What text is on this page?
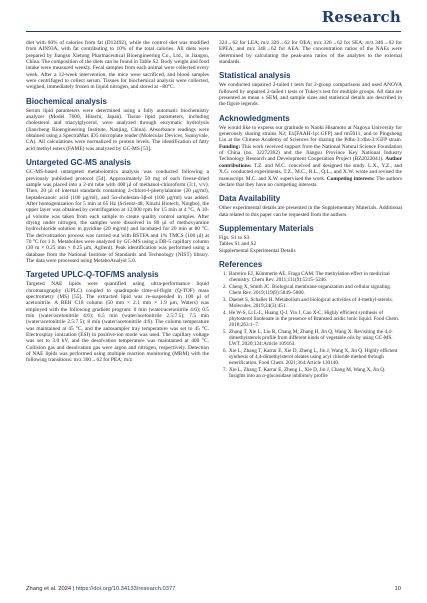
Research

diet with 60% of calories from fat (D12492), while the control diet was modified from AIN93A, with fat contributing to 10% of the total calories. All diets were prepared by Jiangsu Xietong Pharmaceutical Bioengineering Co., Ltd., in Jiangsu, China. The composition of the diets can be found in Table S2. Body weight and food intake were measured weekly. Fecal samples from each animal were collected every week. After a 12-week intervention, the mice were sacrificed, and blood samples were centrifuged to collect serum. Tissues for biochemical analysis were collected, weighed, immediately frozen in liquid nitrogen, and stored at −80°C.

Biochemical analysis

Serum lipid parameters were determined using a fully automatic biochemistry analyzer (Model 7600, Hitachi, Japan). Tissue lipid parameters, including cholesterol and triacylglycerol, were analyzed through enzymatic hydrolysis (Jiancheng Bioengineering Institute, Nanjing, China). Absorbance readings were obtained using a SpectraMax iD5 microplate reader (Molecular Devices, Sunnyvale, CA). All calculations were normalized to protein levels. The identification of fatty acid methyl esters (FAME) was analyzed by GC-MS [53].

Untargeted GC-MS analysis

GC-MS-based untargeted metabolomics analysis was conducted following a previously published protocol [54]. Approximately 50 mg of each freeze-dried sample was placed into a 2-ml tube with 400 μl of methanol-chloroform (3:1, v/v). Then, 20 μl of internal standards containing 2-chloro-l-phenylalanine (20 μg/ml), heptadecanoic acid (100 μg/ml), and 5α-cholestan-3β-ol (100 μg/ml) was added. After homogenization for 5 min at 65 Hz (Scientz-48, Xinzhi Biotech, Ningbo), the upper layer was obtained by centrifugation at 12,000 rpm for 15 min at 4 °C. A 10-μl volume was taken from each sample to create quality control samples. After drying under nitrogen, the samples were dissolved in 80 μl of methoxyamine hydrochloride solution in pyridine (20 mg/ml) and incubated for 20 min at 80 °C. The derivatization process was carried out with BSTFA and 1% TMCS (100 μl) at 70 °C for 1 h. Metabolites were analyzed by GC-MS using a DB-5 capillary column (30 m × 0.25 mm × 0.25 μm, Agilent). Peak identification was performed using a database from the National Institute of Standards and Technology (NIST) library. The data were processed using MetaboAnalyst 5.0.

Targeted UPLC-Q-TOF/MS analysis

Targeted NAE lipids were quantified using ultra-performance liquid chromatography (UPLC) coupled to quadrupole time-of-flight (Q-TOF) mass spectrometry (MS) [55]. The extracted lipid was re-suspended in 100 μl of acetonitrile. A BEH C18 column (50 mm × 2.1 mm × 1.9 μm, Waters) was employed with the following gradient program: 0 min (water/acetonitrile 4:6); 0.5 min (water/acetonitrile 4:6); 6.5 min (water/acetonitrile 2.5:7.5); 7.5 min (water/acetonitrile 2.5:7.5); 8 min (water/acetonitrile 4:6). The column temperature was maintained at 45 °C, and the autosampler tray temperature was set to 45 °C. Electrospray ionization (ESI) in positive-ion mode was used. The capillary voltage was set to 3.0 kV, and the desolvation temperature was maintained at 400 °C. Collision gas and desolvation gas were argon and nitrogen, respectively. Detection of NAE lipids was performed using multiple reaction monitoring (MRM) with the following transitions: m/z 300→62 for PEA; m/z

324→62 for LEA; m/z 326→62 for OEA; m/z 326→62 for SEA; m/z 346→62 for EPEA; and m/z 348→62 for AEA. The concentration ratios of the NAEs were determined by calculating the peak-area ratios of the analytes to the external standards.

Statistical analysis

We conducted unpaired 2-tailed t tests for 2-group comparisons and used ANOVA followed by unpaired 2-tailed t tests or Tukey's test for multiple groups. All data are presented as mean ± SEM, and sample sizes and statistical details are described in the figure legends.

Acknowledgments

We would like to express our gratitude to Naoki Hisamoto at Nagoya University for generously sharing strains N2; Ex[FAAH-1p::GFP] and tm5011, and to Pingsheng Liu at the Chinese Academy of Sciences for sharing the Pdhs-3::dhs-3::GFP strain. Funding: This work received support from the National Natural Science Foundation of China (no. 32272302) and the Jiangsu Province Key National Industry Technology Research and Development Cooperation Project (BZ2022041). Author contributions: T.Z. and M.C. conceived and designed the study. L.X., Y.Z., and X.G. conducted experiments. T.Z., M.C., R.L., Q.L., and X.W. wrote and revised the manuscript. M.C. and X.W. supervised the work. Competing interests: The authors declare that they have no competing interests.

Data Availability

Other experimental details are presented in the Supplementary Materials. Additional data related to this paper can be requested from the authors.

Supplementary Materials
Figs. S1 to S3
Tables S1 and S2
Supplemental Experimental Details
References
1. Barreiro EJ, Kümmerle AE, Fraga CAM. The methylation effect in medicinal chemistry. Chem Rev. 2011;111(9):5215–5246.
2. Cheng X, Smith JC. Biological membrane organization and cellular signaling. Chem Rev. 2019;119(9):5849–5880.
3. Daenet S, Schaller H. Metabolism and biological activities of 4-methyl-sterols. Molecules. 2019;24(3):451.
4. He W-S, Li L-L, Huang Q-J, Yin J, Cao X-C. Highly efficient synthesis of phytosterol linolenate in the presence of Brønsted acidic ionic liquid. Food Chem. 2018;263:1–7.
5. Zhang T, Xie L, Liu R, Chang M, Zhang H, Jin Q, Wang X. Revisiting the 4,4-dimethylsterols profile from different kinds of vegetable oils by using GC-MS. LWT. 2020;124:Article 109163.
6. Xie L, Zhang T, Karrar E, Xie D, Zheng L, Jin J, Wang X, Jin Q. Highly efficient synthesis of 4,4-dimethylsterol oleates using acyl chloride method through esterification. Food Chem. 2021;364:Article 130140.
7. Xie L, Zhang T, Karrar E, Zheng L, Xie D, Jin J, Chang M, Wang X, Jin Q. Insights into an α-glucosidase inhibitory profile
Zhang et al. 2024 | https://doi.org/10.34133/research.0377	10
